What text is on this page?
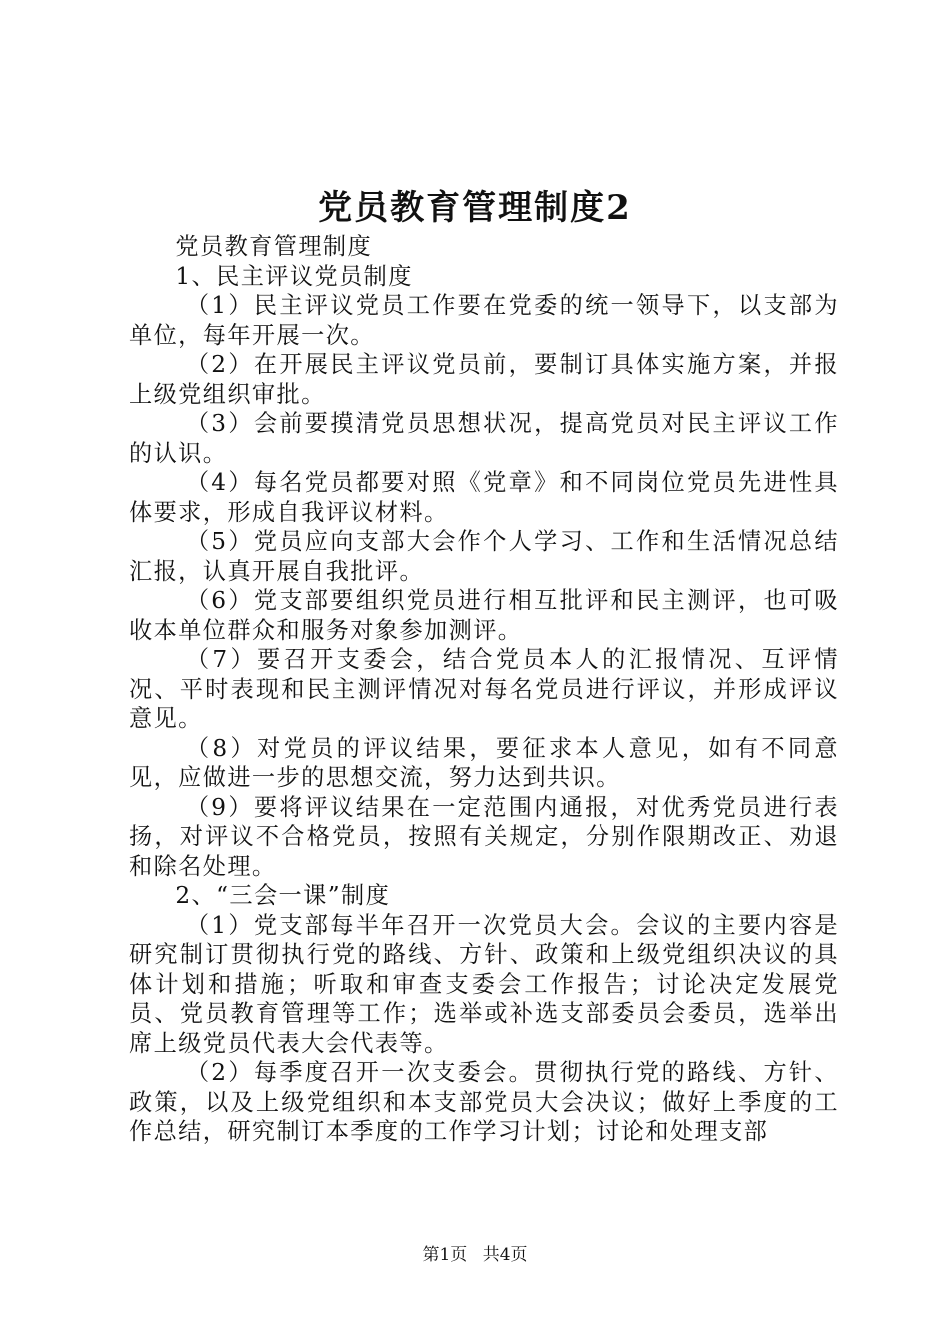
党员教育管理制度2

党员教育管理制度

1、民主评议党员制度

（1）民主评议党员工作要在党委的统一领导下，以支部为单位，每年开展一次。

（2）在开展民主评议党员前，要制订具体实施方案，并报上级党组织审批。

（3）会前要摸清党员思想状况，提高党员对民主评议工作的认识。

（4）每名党员都要对照《党章》和不同岗位党员先进性具体要求，形成自我评议材料。

（5）党员应向支部大会作个人学习、工作和生活情况总结汇报，认真开展自我批评。

（6）党支部要组织党员进行相互批评和民主测评，也可吸收本单位群众和服务对象参加测评。

（7）要召开支委会，结合党员本人的汇报情况、互评情况、平时表现和民主测评情况对每名党员进行评议，并形成评议意见。

（8）对党员的评议结果，要征求本人意见，如有不同意见，应做进一步的思想交流，努力达到共识。

（9）要将评议结果在一定范围内通报，对优秀党员进行表扬，对评议不合格党员，按照有关规定，分别作限期改正、劝退和除名处理。

2、“三会一课”制度

（1）党支部每半年召开一次党员大会。会议的主要内容是研究制订贯彻执行党的路线、方针、政策和上级党组织决议的具体计划和措施；听取和审查支委会工作报告；讨论决定发展党员、党员教育管理等工作；选举或补选支部委员会委员，选举出席上级党员代表大会代表等。

（2）每季度召开一次支委会。贯彻执行党的路线、方针、政策，以及上级党组织和本支部党员大会决议；做好上季度的工作总结，研究制订本季度的工作学习计划；讨论和处理支部

第1页 共4页
